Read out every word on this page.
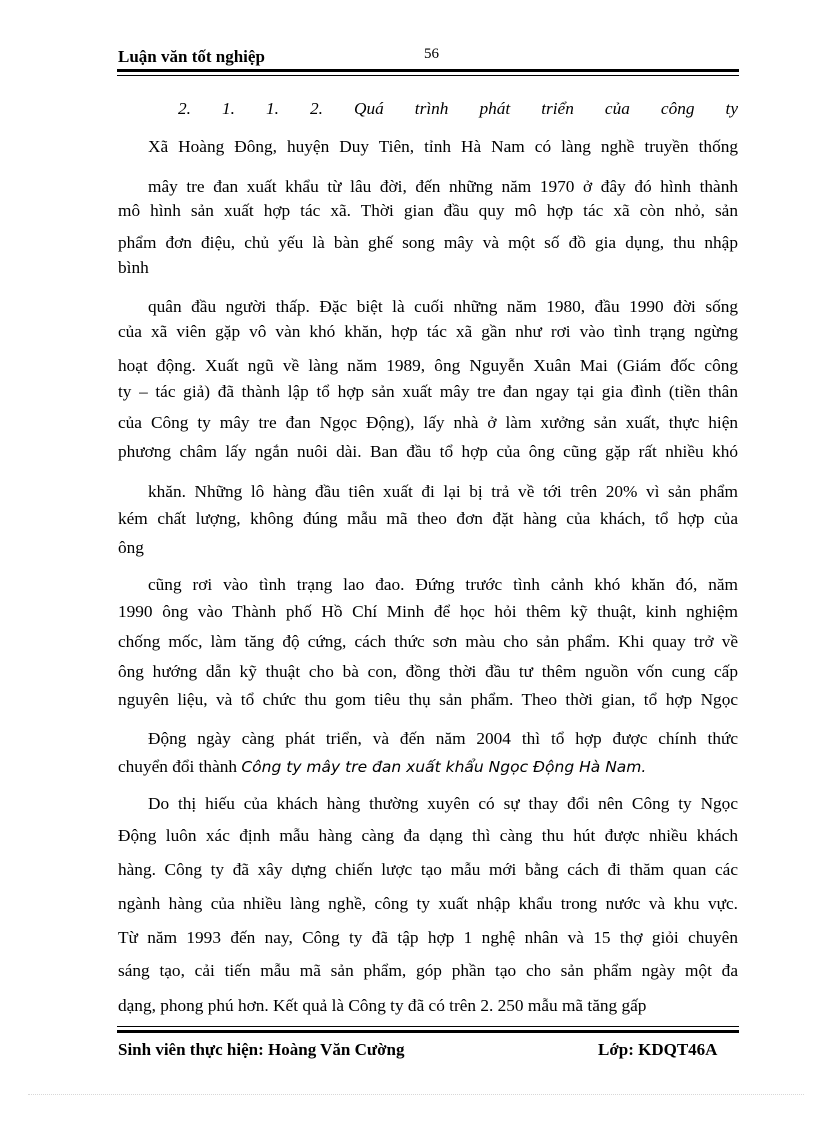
Luận văn tốt nghiệp	56
2. 1. 1. 2. Quá trình phát triển của công ty
Xã Hoàng Đông, huyện Duy Tiên, tỉnh Hà Nam có làng nghề truyền thống
mây tre đan xuất khẩu từ lâu đời, đến những năm 1970 ở đây đó hình thành
mô hình sản xuất hợp tác xã. Thời gian đầu quy mô hợp tác xã còn nhỏ, sản
phẩm đơn điệu, chủ yếu là bàn ghế song mây và một số đồ gia dụng, thu nhập
bình
quân đầu người thấp. Đặc biệt là cuối những năm 1980, đầu 1990 đời sống
của xã viên gặp vô vàn khó khăn, hợp tác xã gần như rơi vào tình trạng ngừng
hoạt động. Xuất ngũ về làng năm 1989, ông Nguyễn Xuân Mai (Giám đốc công
ty – tác giả) đã thành lập tổ hợp sản xuất mây tre đan ngay tại gia đình (tiền thân
của Công ty mây tre đan Ngọc Động), lấy nhà ở làm xưởng sản xuất, thực hiện
phương châm lấy ngắn nuôi dài. Ban đầu tổ hợp của ông cũng gặp rất nhiều khó
khăn. Những lô hàng đầu tiên xuất đi lại bị trả về tới trên 20% vì sản phẩm
kém chất lượng, không đúng mẫu mã theo đơn đặt hàng của khách, tổ hợp của
ông
cũng rơi vào tình trạng lao đao. Đứng trước tình cảnh khó khăn đó, năm
1990 ông vào Thành phố Hồ Chí Minh để học hỏi thêm kỹ thuật, kinh nghiệm
chống mốc, làm tăng độ cứng, cách thức sơn màu cho sản phẩm. Khi quay trở về
ông hướng dẫn kỹ thuật cho bà con, đồng thời đầu tư thêm nguồn vốn cung cấp
nguyên liệu, và tổ chức thu gom tiêu thụ sản phẩm. Theo thời gian, tổ hợp Ngọc
Động ngày càng phát triển, và đến năm 2004 thì tổ hợp được chính thức
chuyển đổi thành Công ty mây tre đan xuất khẩu Ngọc Động Hà Nam.
Do thị hiếu của khách hàng thường xuyên có sự thay đổi nên Công ty Ngọc
Động luôn xác định mẫu hàng càng đa dạng thì càng thu hút được nhiều khách
hàng. Công ty đã xây dựng chiến lược tạo mẫu mới bằng cách đi thăm quan các
ngành hàng của nhiều làng nghề, công ty xuất nhập khẩu trong nước và khu vực.
Từ năm 1993 đến nay, Công ty đã tập hợp 1 nghệ nhân và 15 thợ giỏi chuyên
sáng tạo, cải tiến mẫu mã sản phẩm, góp phần tạo cho sản phẩm ngày một đa
dạng, phong phú hơn. Kết quả là Công ty đã có trên 2. 250 mẫu mã tăng gấp
Sinh viên thực hiện: Hoàng Văn Cường	Lớp: KDQT46A
